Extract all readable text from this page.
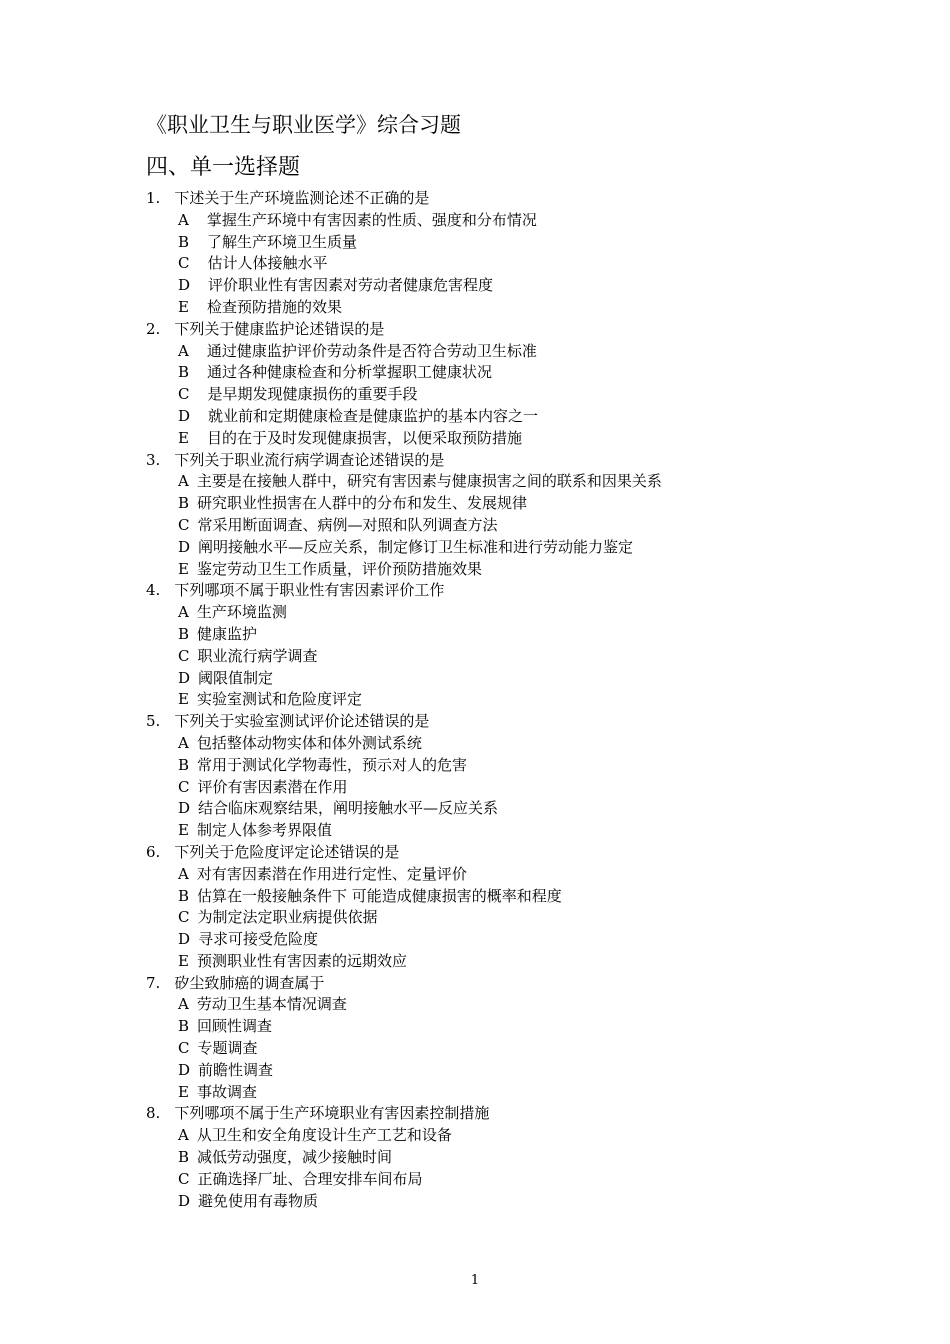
《职业卫生与职业医学》综合习题
四、单一选择题
1. 下述关于生产环境监测论述不正确的是
A 掌握生产环境中有害因素的性质、强度和分布情况
B 了解生产环境卫生质量
C 估计人体接触水平
D 评价职业性有害因素对劳动者健康危害程度
E 检查预防措施的效果
2. 下列关于健康监护论述错误的是
A 通过健康监护评价劳动条件是否符合劳动卫生标准
B 通过各种健康检查和分析掌握职工健康状况
C 是早期发现健康损伤的重要手段
D 就业前和定期健康检查是健康监护的基本内容之一
E 目的在于及时发现健康损害，以便采取预防措施
3. 下列关于职业流行病学调查论述错误的是
A 主要是在接触人群中，研究有害因素与健康损害之间的联系和因果关系
B 研究职业性损害在人群中的分布和发生、发展规律
C 常采用断面调查、病例—对照和队列调查方法
D 阐明接触水平—反应关系，制定修订卫生标准和进行劳动能力鉴定
E 鉴定劳动卫生工作质量，评价预防措施效果
4. 下列哪项不属于职业性有害因素评价工作
A 生产环境监测
B 健康监护
C 职业流行病学调查
D 阈限值制定
E 实验室测试和危险度评定
5. 下列关于实验室测试评价论述错误的是
A 包括整体动物实体和体外测试系统
B 常用于测试化学物毒性，预示对人的危害
C 评价有害因素潜在作用
D 结合临床观察结果，阐明接触水平—反应关系
E 制定人体参考界限值
6. 下列关于危险度评定论述错误的是
A 对有害因素潜在作用进行定性、定量评价
B 估算在一般接触条件下 可能造成健康损害的概率和程度
C 为制定法定职业病提供依据
D 寻求可接受危险度
E 预测职业性有害因素的远期效应
7. 矽尘致肺癌的调查属于
A 劳动卫生基本情况调查
B 回顾性调查
C 专题调查
D 前瞻性调查
E 事故调查
8. 下列哪项不属于生产环境职业有害因素控制措施
A 从卫生和安全角度设计生产工艺和设备
B 减低劳动强度，减少接触时间
C 正确选择厂址、合理安排车间布局
D 避免使用有毒物质
1
